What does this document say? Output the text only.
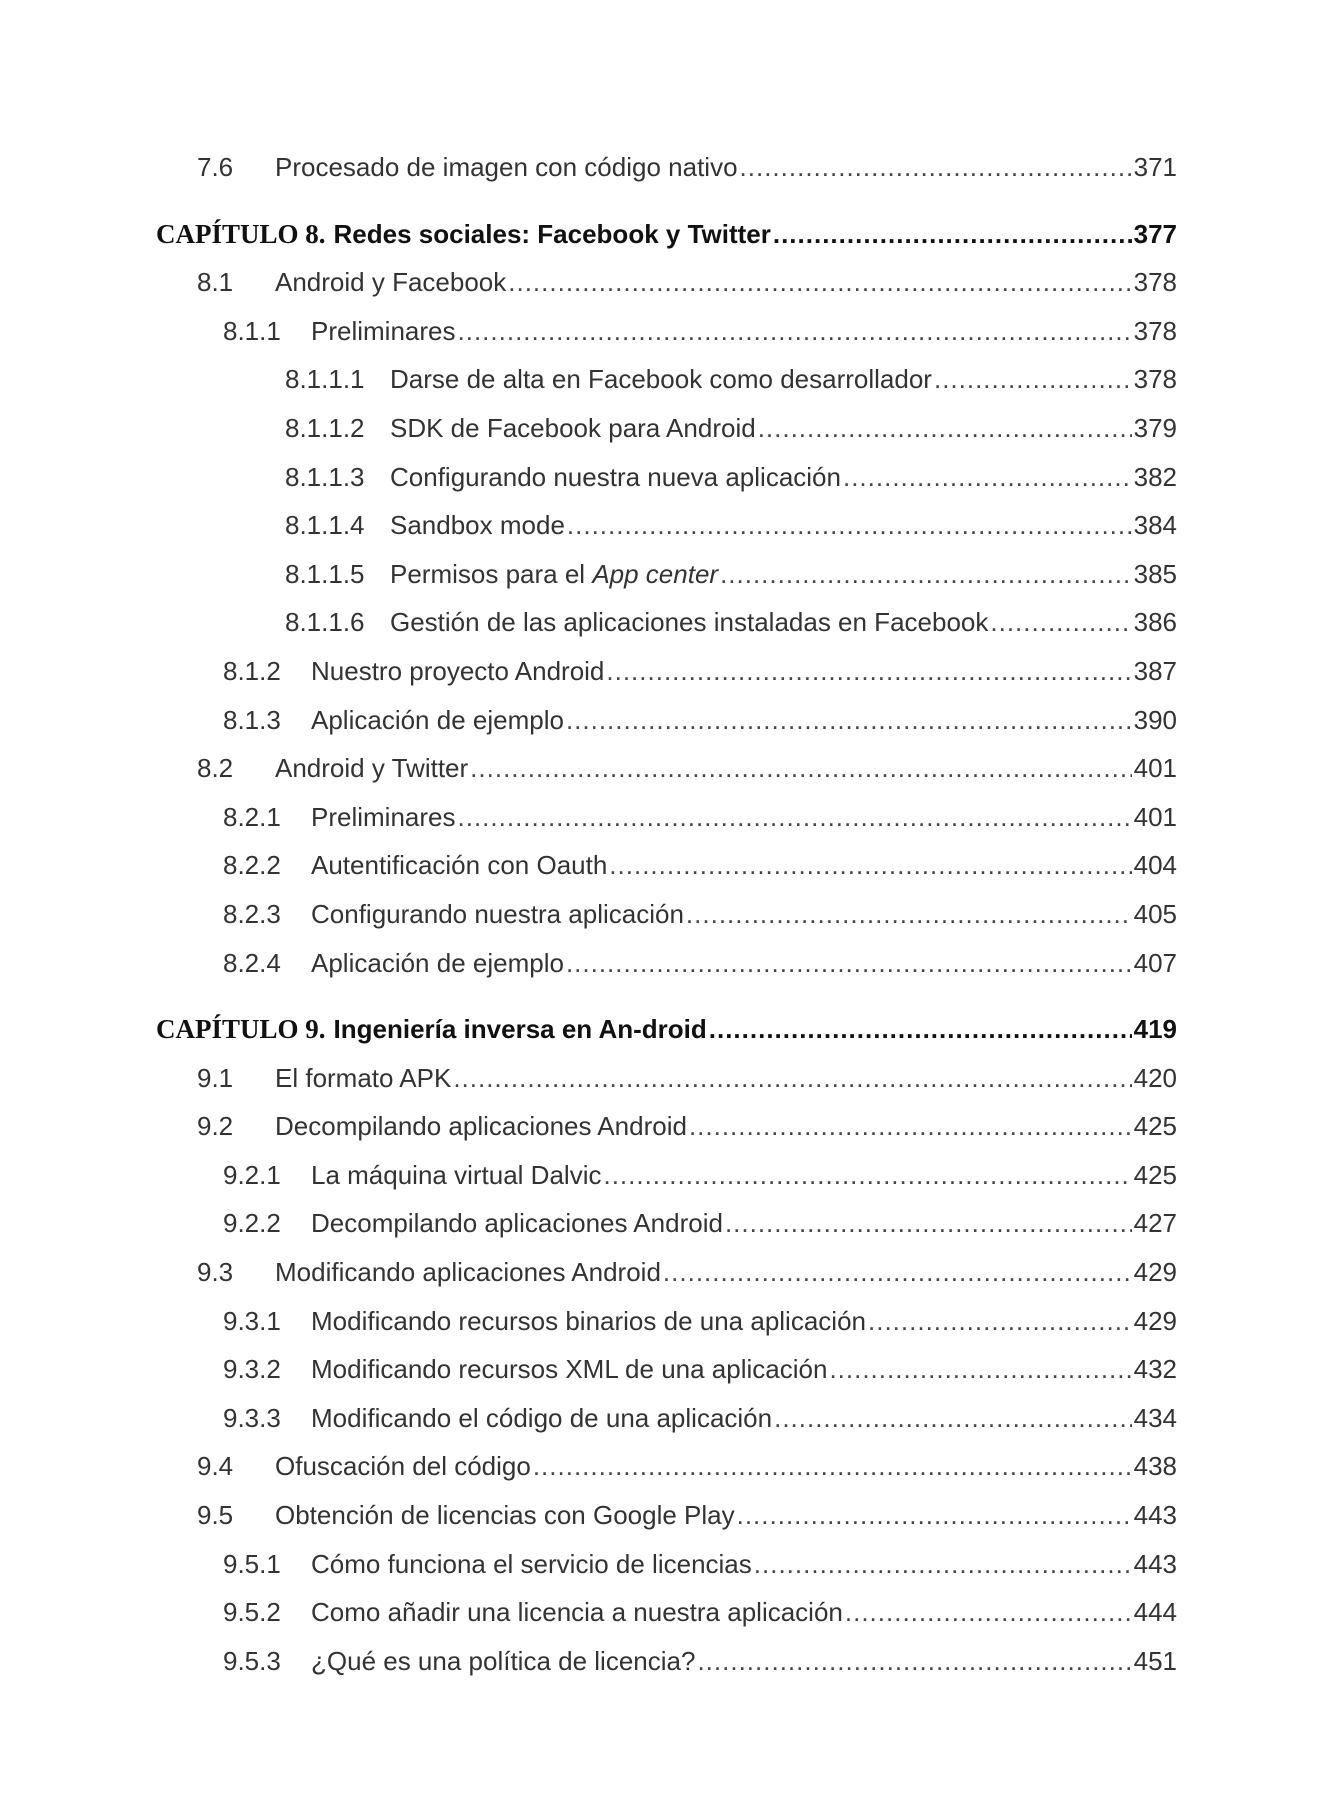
7.6 Procesado de imagen con código nativo .....	371
CAPÍTULO 8. Redes sociales: Facebook y Twitter .....	377
8.1 Android y Facebook .....	378
8.1.1 Preliminares .....	378
8.1.1.1 Darse de alta en Facebook como desarrollador .....	378
8.1.1.2 SDK de Facebook para Android .....	379
8.1.1.3 Configurando nuestra nueva aplicación .....	382
8.1.1.4 Sandbox mode .....	384
8.1.1.5 Permisos para el App center .....	385
8.1.1.6 Gestión de las aplicaciones instaladas en Facebook .....	386
8.1.2 Nuestro proyecto Android .....	387
8.1.3 Aplicación de ejemplo .....	390
8.2 Android y Twitter .....	401
8.2.1 Preliminares .....	401
8.2.2 Autentificación con Oauth .....	404
8.2.3 Configurando nuestra aplicación .....	405
8.2.4 Aplicación de ejemplo .....	407
CAPÍTULO 9. Ingeniería inversa en An-droid .....	419
9.1 El formato APK .....	420
9.2 Decompilando aplicaciones Android .....	425
9.2.1 La máquina virtual Dalvic .....	425
9.2.2 Decompilando aplicaciones Android .....	427
9.3 Modificando aplicaciones Android .....	429
9.3.1 Modificando recursos binarios de una aplicación .....	429
9.3.2 Modificando recursos XML de una aplicación .....	432
9.3.3 Modificando el código de una aplicación .....	434
9.4 Ofuscación del código .....	438
9.5 Obtención de licencias con Google Play .....	443
9.5.1 Cómo funciona el servicio de licencias .....	443
9.5.2 Como añadir una licencia a nuestra aplicación .....	444
9.5.3 ¿Qué es una política de licencia? .....	451
